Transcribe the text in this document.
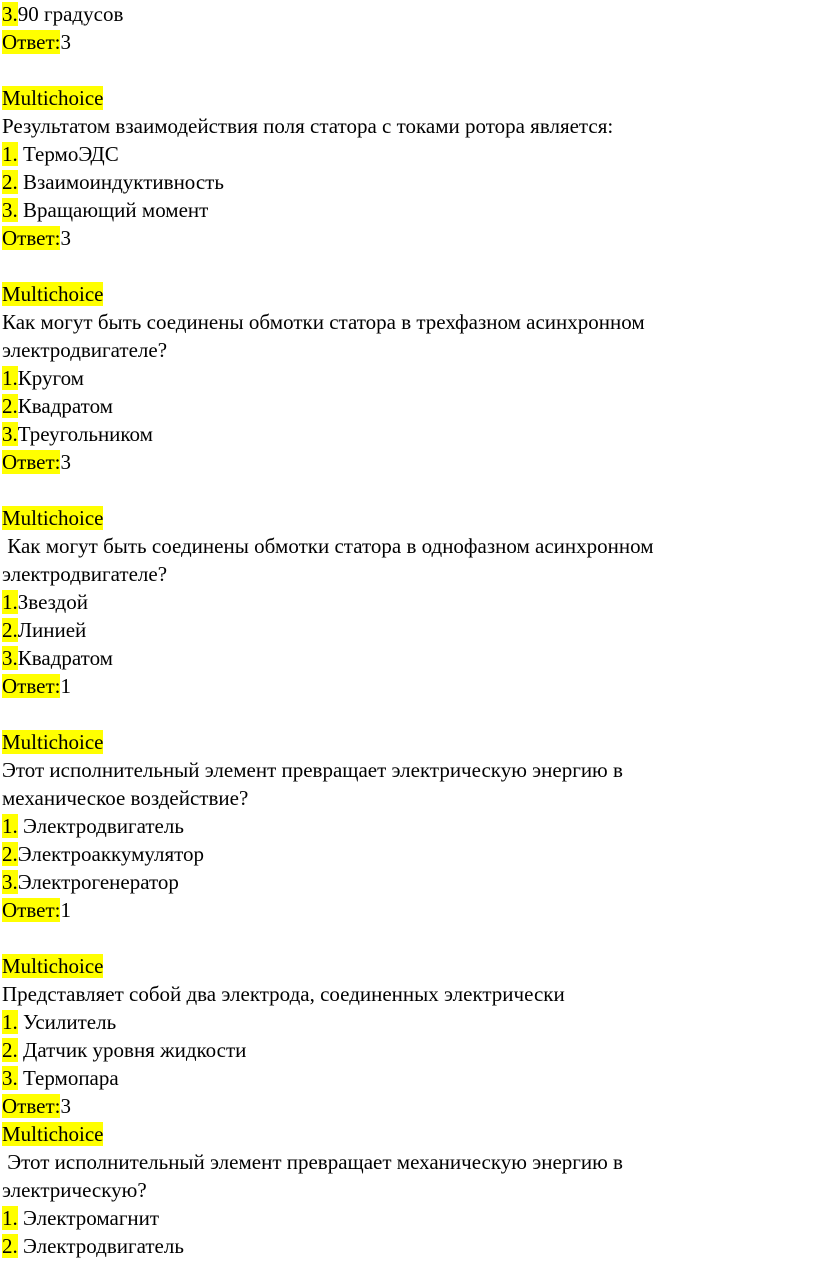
3.90 градусов
Ответ:3
Multichoice
Результатом взаимодействия поля статора с токами ротора является:
1. ТермоЭДС
2. Взаимоиндуктивность
3. Вращающий момент
Ответ:3
Multichoice
Как могут быть соединены обмотки статора в трехфазном асинхронном
электродвигателе?
1.Кругом
2.Квадратом
3.Треугольником
Ответ:3
Multichoice
Как могут быть соединены обмотки статора в однофазном асинхронном
электродвигателе?
1.Звездой
2.Линией
3.Квадратом
Ответ:1
Multichoice
Этот исполнительный элемент превращает электрическую энергию в
механическое воздействие?
1. Электродвигатель
2.Электроаккумулятор
3.Электрогенератор
Ответ:1
Multichoice
Представляет собой два электрода, соединенных электрически
1. Усилитель
2. Датчик уровня жидкости
3. Термопара
Ответ:3
Multichoice
Этот исполнительный элемент превращает механическую энергию в
электрическую?
1. Электромагнит
2. Электродвигатель
